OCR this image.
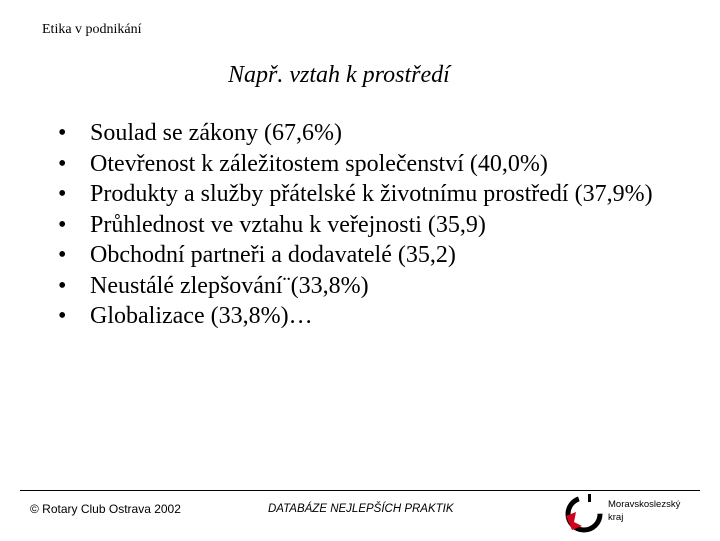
Etika v podnikání
Např. vztah k prostředí
• Soulad se zákony (67,6%)
• Otevřenost k záležitostem společenství (40,0%)
• Produkty a služby přátelské k životnímu prostředí (37,9%)
• Průhlednost ve vztahu k veřejnosti (35,9)
• Obchodní partneři a dodavatelé (35,2)
• Neustálé zlepšování¨(33,8%)
• Globalizace (33,8%)…
© Rotary Club Ostrava 2002	DATABÁZE NEJLEPŠÍCH PRAKTIK	Moravskoslezský
kraj
